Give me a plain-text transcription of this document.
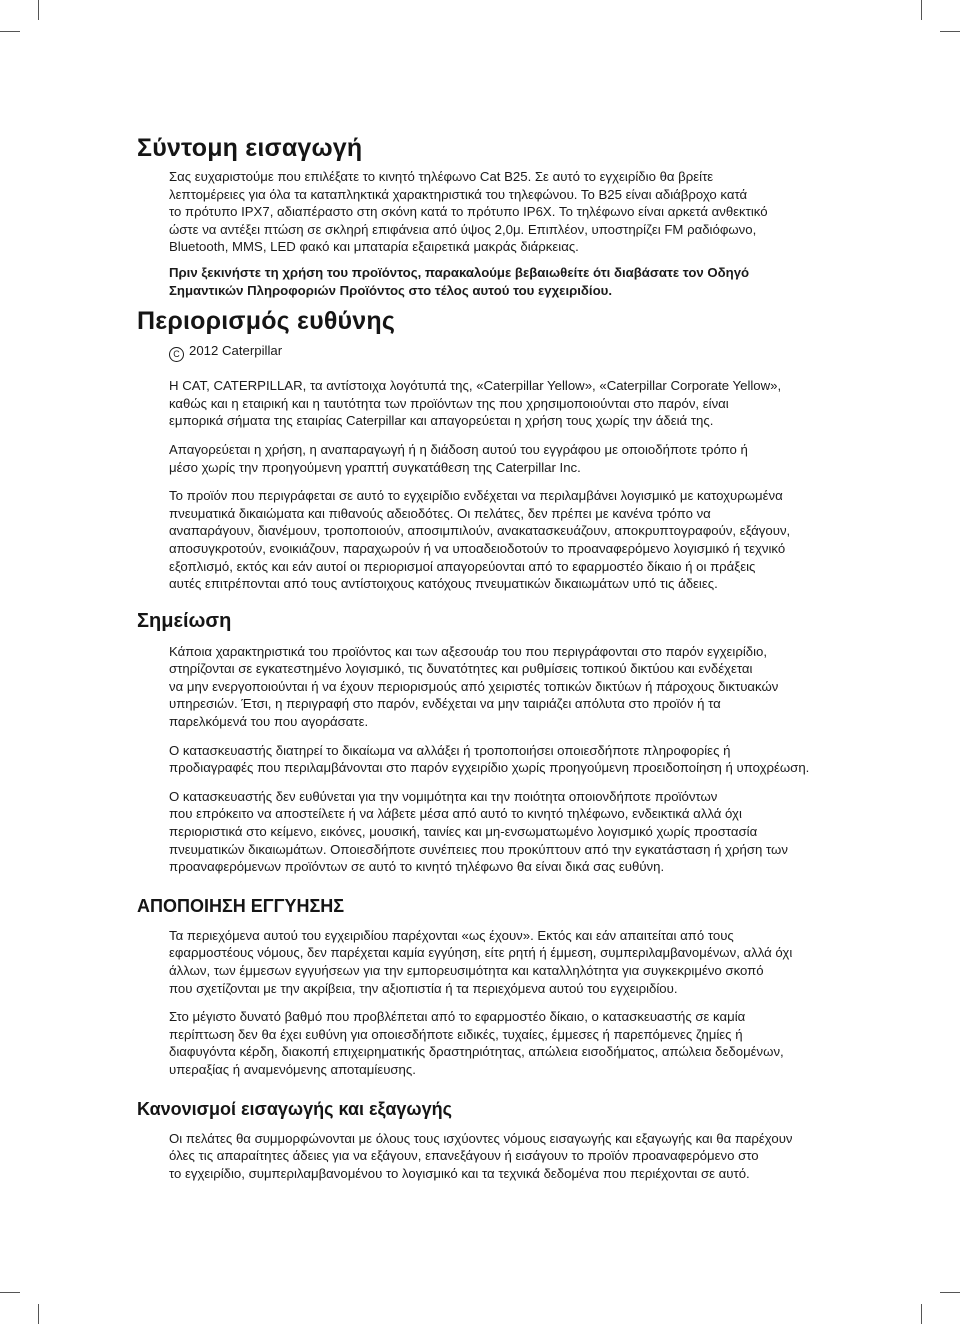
Σύντομη εισαγωγή

Σας ευχαριστούμε που επιλέξατε το κινητό τηλέφωνο Cat B25. Σε αυτό το εγχειρίδιο θα βρείτε
λεπτομέρειες για όλα τα καταπληκτικά χαρακτηριστικά του τηλεφώνου. Το B25 είναι αδιάβροχο κατά
το πρότυπο IPX7, αδιαπέραστο στη σκόνη κατά το πρότυπο IP6X. Το τηλέφωνο είναι αρκετά ανθεκτικό
ώστε να αντέξει πτώση σε σκληρή επιφάνεια από ύψος 2,0μ. Επιπλέον, υποστηρίζει FM ραδιόφωνο,
Bluetooth, MMS, LED φακό και μπαταρία εξαιρετικά μακράς διάρκειας.

Πριν ξεκινήστε τη χρήση του προϊόντος, παρακαλούμε βεβαιωθείτε ότι διαβάσατε τον Οδηγό
Σημαντικών Πληροφοριών Προϊόντος στο τέλος αυτού του εγχειριδίου.

Περιορισμός ευθύνης

C 2012 Caterpillar

Η CAT, CATERPILLAR, τα αντίστοιχα λογότυπά της, «Caterpillar Yellow», «Caterpillar Corporate Yellow»,
καθώς και η εταιρική και η ταυτότητα των προϊόντων της που χρησιμοποιούνται στο παρόν, είναι
εμπορικά σήματα της εταιρίας Caterpillar και απαγορεύεται η χρήση τους χωρίς την άδειά της.

Απαγορεύεται η χρήση, η αναπαραγωγή ή η διάδοση αυτού του εγγράφου με οποιοδήποτε τρόπο ή
μέσο χωρίς την προηγούμενη γραπτή συγκατάθεση της Caterpillar Inc.

Το προϊόν που περιγράφεται σε αυτό το εγχειρίδιο ενδέχεται να περιλαμβάνει λογισμικό με κατοχυρωμένα
πνευματικά δικαιώματα και πιθανούς αδειοδότες. Οι πελάτες, δεν πρέπει με κανένα τρόπο να
αναπαράγουν, διανέμουν, τροποποιούν, αποσιμπιλούν, ανακατασκευάζουν, αποκρυπτογραφούν, εξάγουν,
αποσυγκροτούν, ενοικιάζουν, παραχωρούν ή να υποαδειοδοτούν το προαναφερόμενο λογισμικό ή τεχνικό
εξοπλισμό, εκτός και εάν αυτοί οι περιορισμοί απαγορεύονται από το εφαρμοστέο δίκαιο ή οι πράξεις
αυτές επιτρέπονται από τους αντίστοιχους κατόχους πνευματικών δικαιωμάτων υπό τις άδειες.

Σημείωση

Κάποια χαρακτηριστικά του προϊόντος και των αξεσουάρ του που περιγράφονται στο παρόν εγχειρίδιο,
στηρίζονται σε εγκατεστημένο λογισμικό, τις δυνατότητες και ρυθμίσεις τοπικού δικτύου και ενδέχεται
να μην ενεργοποιούνται ή να έχουν περιορισμούς από χειριστές τοπικών δικτύων ή πάροχους δικτυακών
υπηρεσιών. Έτσι, η περιγραφή στο παρόν, ενδέχεται να μην ταιριάζει απόλυτα στο προϊόν ή τα
παρελκόμενά του που αγοράσατε.

Ο κατασκευαστής διατηρεί το δικαίωμα να αλλάξει ή τροποποιήσει οποιεσδήποτε πληροφορίες ή
προδιαγραφές που περιλαμβάνονται στο παρόν εγχειρίδιο χωρίς προηγούμενη προειδοποίηση ή υποχρέωση.

Ο κατασκευαστής δεν ευθύνεται για την νομιμότητα και την ποιότητα οποιονδήποτε προϊόντων
που επρόκειτο να αποστείλετε ή να λάβετε μέσα από αυτό το κινητό τηλέφωνο, ενδεικτικά αλλά όχι
περιοριστικά στο κείμενο, εικόνες, μουσική, ταινίες και μη-ενσωματωμένο λογισμικό χωρίς προστασία
πνευματικών δικαιωμάτων. Οποιεσδήποτε συνέπειες που προκύπτουν από την εγκατάσταση ή χρήση των
προαναφερόμενων προϊόντων σε αυτό το κινητό τηλέφωνο θα είναι δικά σας ευθύνη.

ΑΠΟΠΟΙΗΣΗ ΕΓΓΥΗΣΗΣ

Τα περιεχόμενα αυτού του εγχειριδίου παρέχονται «ως έχουν». Εκτός και εάν απαιτείται από τους
εφαρμοστέους νόμους, δεν παρέχεται καμία εγγύηση, είτε ρητή ή έμμεση, συμπεριλαμβανομένων, αλλά όχι
άλλων, των έμμεσων εγγυήσεων για την εμπορευσιμότητα και καταλληλότητα για συγκεκριμένο σκοπό
που σχετίζονται με την ακρίβεια, την αξιοπιστία ή τα περιεχόμενα αυτού του εγχειριδίου.

Στο μέγιστο δυνατό βαθμό που προβλέπεται από το εφαρμοστέο δίκαιο, ο κατασκευαστής σε καμία
περίπτωση δεν θα έχει ευθύνη για οποιεσδήποτε ειδικές, τυχαίες, έμμεσες ή παρεπόμενες ζημίες ή
διαφυγόντα κέρδη, διακοπή επιχειρηματικής δραστηριότητας, απώλεια εισοδήματος, απώλεια δεδομένων,
υπεραξίας ή αναμενόμενης αποταμίευσης.

Κανονισμοί εισαγωγής και εξαγωγής

Οι πελάτες θα συμμορφώνονται με όλους τους ισχύοντες νόμους εισαγωγής και εξαγωγής και θα παρέχουν
όλες τις απαραίτητες άδειες για να εξάγουν, επανεξάγουν ή εισάγουν το προϊόν προαναφερόμενο στο
το εγχειρίδιο, συμπεριλαμβανομένου το λογισμικό και τα τεχνικά δεδομένα που περιέχονται σε αυτό.
